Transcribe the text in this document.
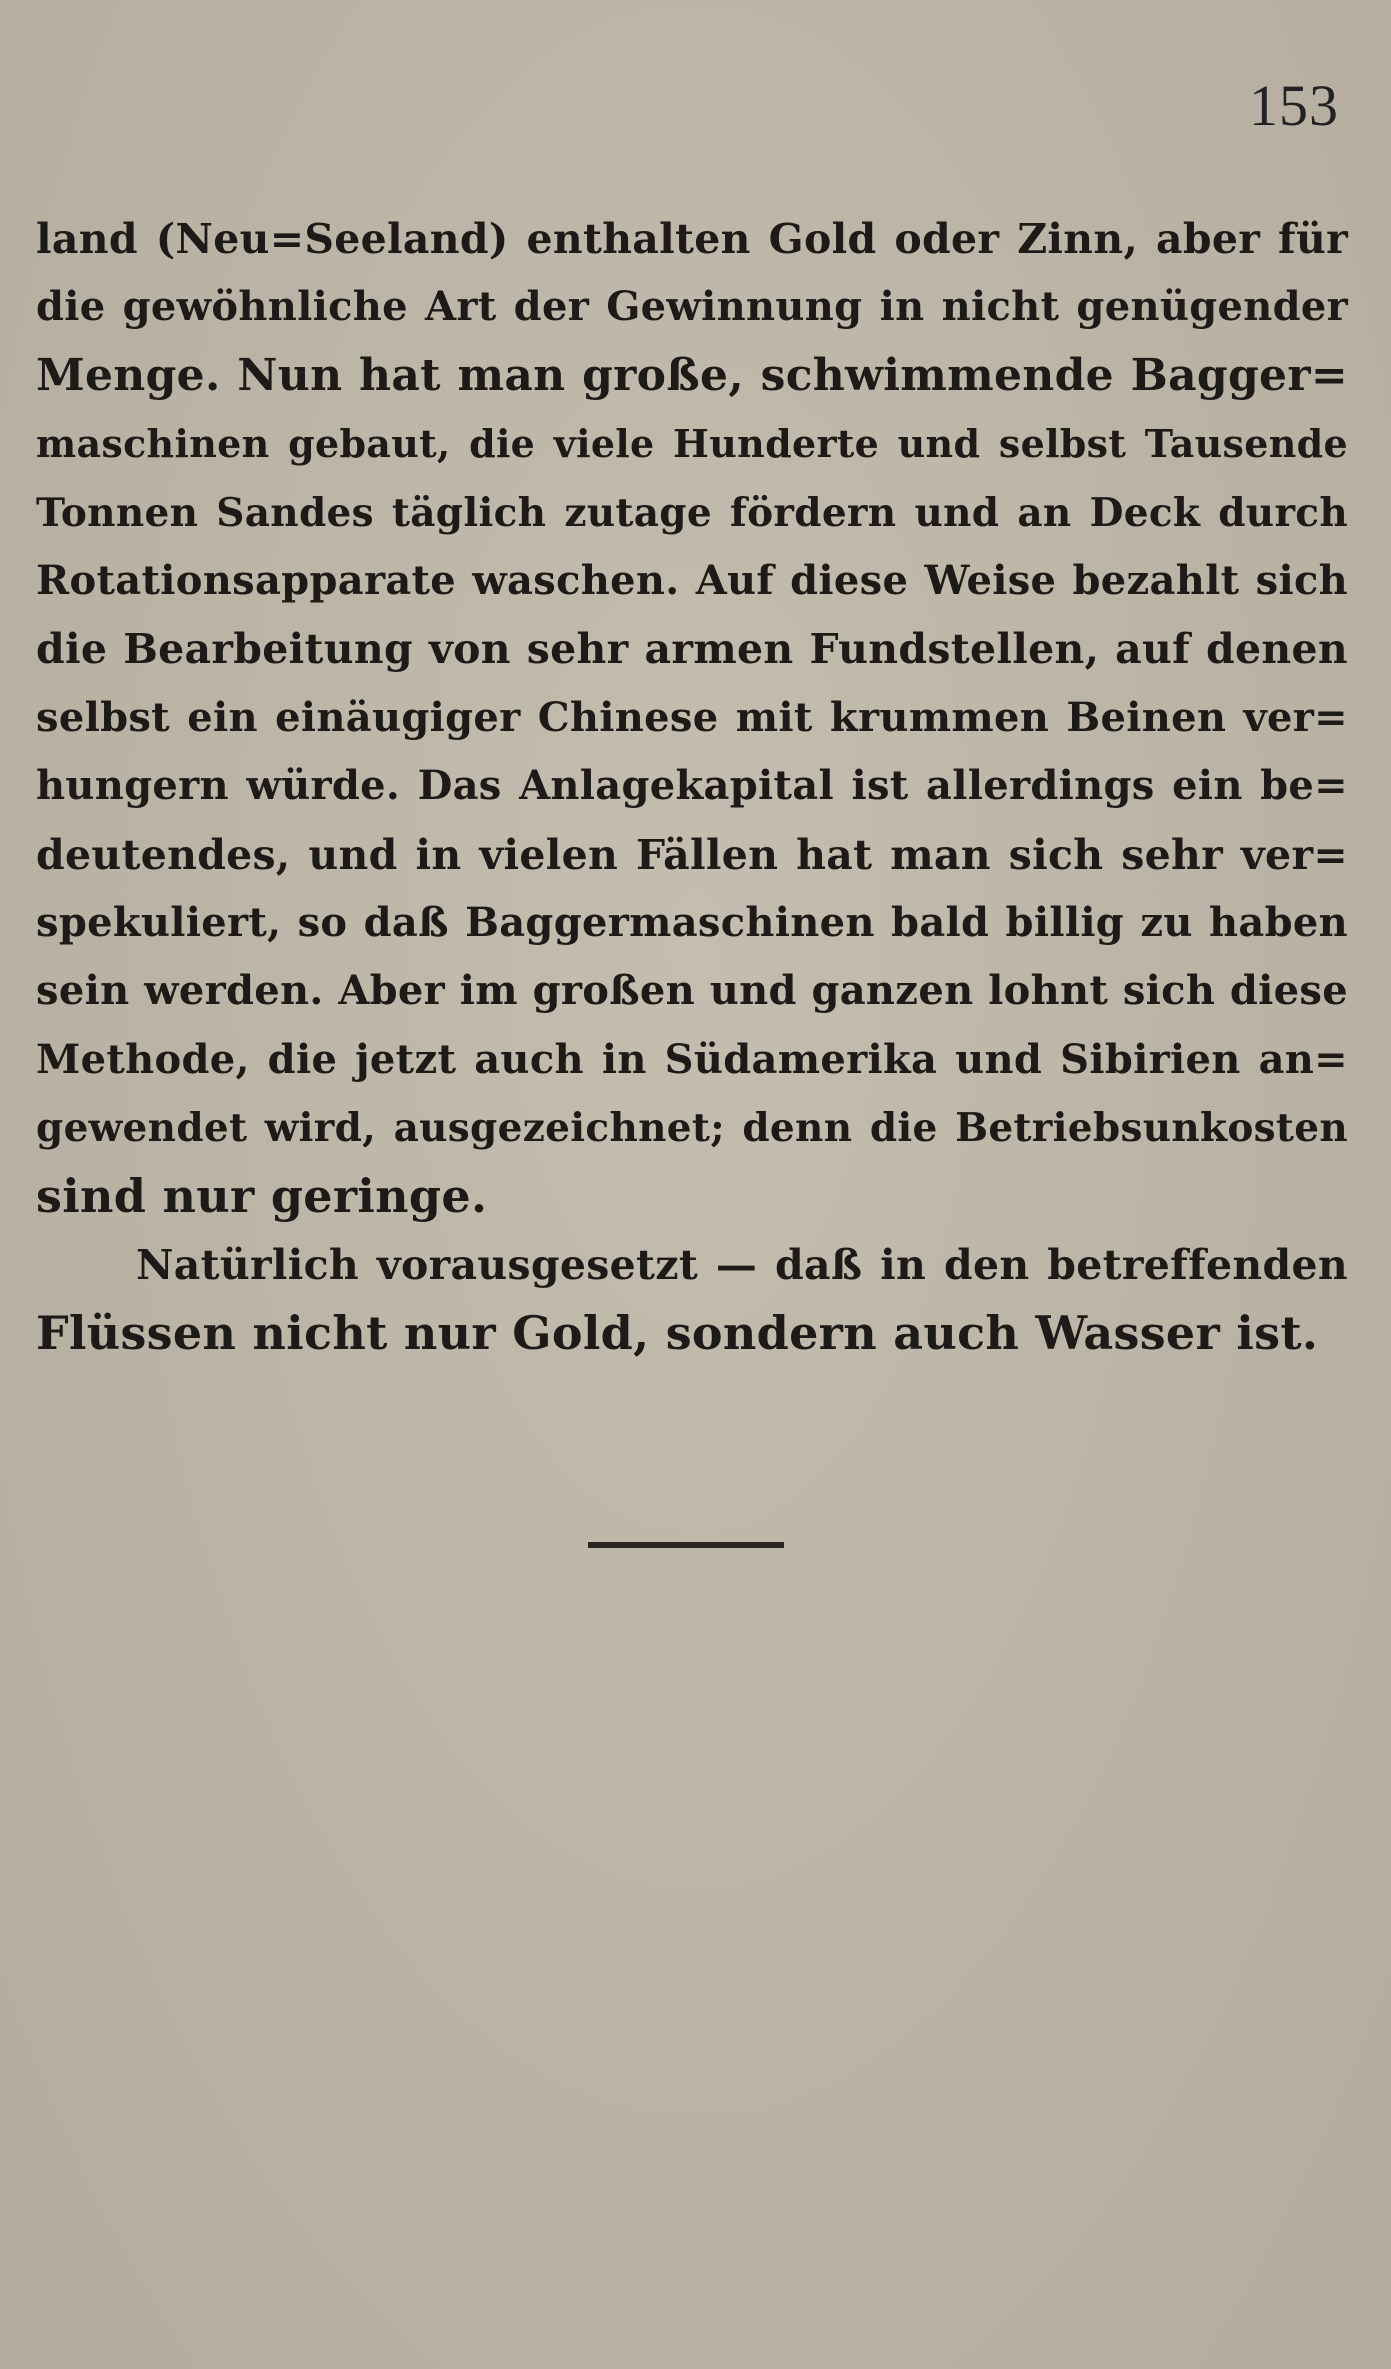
153
land (Neu=Seeland) enthalten Gold oder Zinn, aber für
die gewöhnliche Art der Gewinnung in nicht genügender
Menge. Nun hat man große, schwimmende Bagger=
maschinen gebaut, die viele Hunderte und selbst Tausende
Tonnen Sandes täglich zutage fördern und an Deck durch
Rotationsapparate waschen. Auf diese Weise bezahlt sich
die Bearbeitung von sehr armen Fundstellen, auf denen
selbst ein einäugiger Chinese mit krummen Beinen ver=
hungern würde. Das Anlagekapital ist allerdings ein be=
deutendes, und in vielen Fällen hat man sich sehr ver=
spekuliert, so daß Baggermaschinen bald billig zu haben
sein werden. Aber im großen und ganzen lohnt sich diese
Methode, die jetzt auch in Südamerika und Sibirien an=
gewendet wird, ausgezeichnet; denn die Betriebsunkosten
sind nur geringe.
Natürlich vorausgesetzt — daß in den betreffenden
Flüssen nicht nur Gold, sondern auch Wasser ist.
